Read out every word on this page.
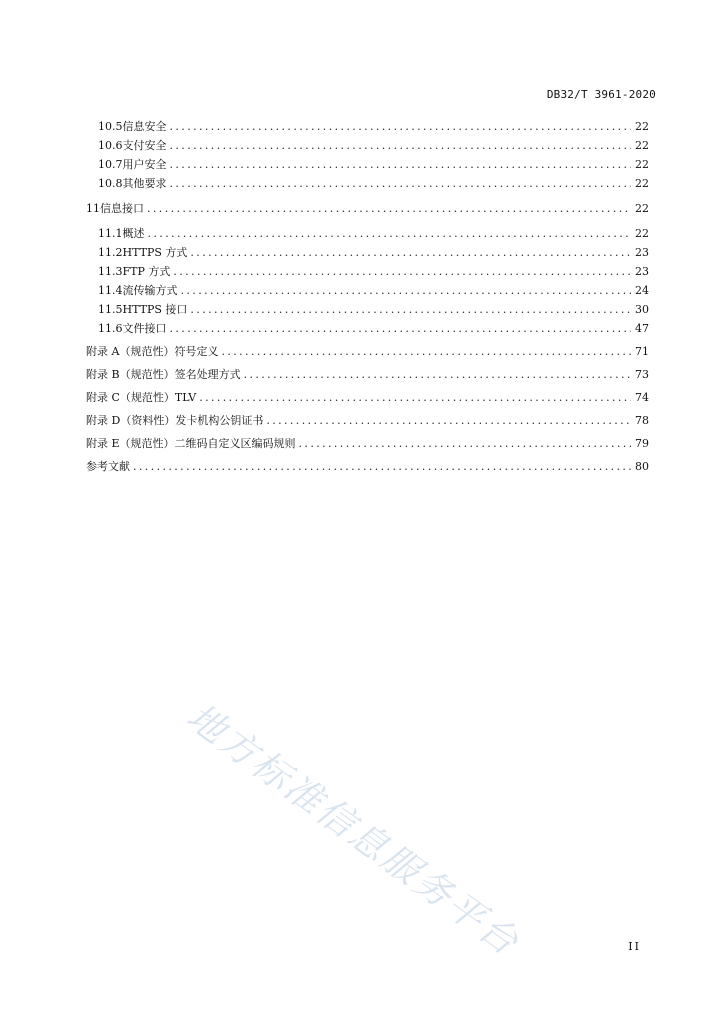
DB32/T 3961-2020
10.5 信息安全 .....	22
10.6 支付安全 .....	22
10.7 用户安全 .....	22
10.8 其他要求 .....	22
11 信息接口 .....	22
11.1 概述 .....	22
11.2 HTTPS 方式 .....	23
11.3 FTP 方式 .....	23
11.4 流传输方式 .....	24
11.5 HTTPS 接口 .....	30
11.6 文件接口 .....	47
附录 A （规范性） 符号定义 .....	71
附录 B （规范性） 签名处理方式 .....	73
附录 C （规范性） TLV .....	74
附录 D （资料性） 发卡机构公钥证书 .....	78
附录 E （规范性） 二维码自定义区编码规则 .....	79
参考文献 .....	80
地方标准信息服务平台	II
